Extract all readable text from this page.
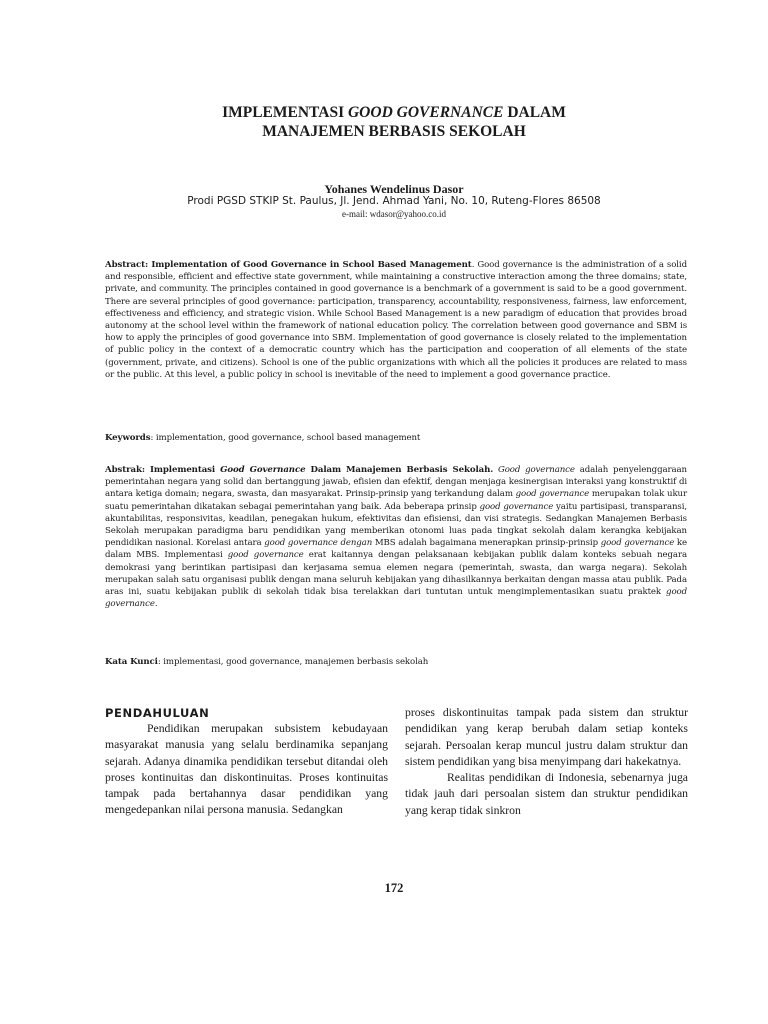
IMPLEMENTASI GOOD GOVERNANCE DALAM
MANAJEMEN BERBASIS SEKOLAH
Yohanes Wendelinus Dasor
Prodi PGSD STKIP St. Paulus, Jl. Jend. Ahmad Yani, No. 10, Ruteng-Flores 86508
e-mail: wdasor@yahoo.co.id
Abstract: Implementation of Good Governance in School Based Management. Good governance is the administration of a solid and responsible, efficient and effective state government, while maintaining a constructive interaction among the three domains; state, private, and community. The principles contained in good governance is a benchmark of a government is said to be a good government. There are several principles of good governance: participation, transparency, accountability, responsiveness, fairness, law enforcement, effectiveness and efficiency, and strategic vision. While School Based Management is a new paradigm of education that provides broad autonomy at the school level within the framework of national education policy. The correlation between good governance and SBM is how to apply the principles of good governance into SBM. Implementation of good governance is closely related to the implementation of public policy in the context of a democratic country which has the participation and cooperation of all elements of the state (government, private, and citizens). School is one of the public organizations with which all the policies it produces are related to mass or the public. At this level, a public policy in school is inevitable of the need to implement a good governance practice.
Keywords: implementation, good governance, school based management
Abstrak: Implementasi Good Governance Dalam Manajemen Berbasis Sekolah. Good governance adalah penyelenggaraan pemerintahan negara yang solid dan bertanggung jawab, efisien dan efektif, dengan menjaga kesinergisan interaksi yang konstruktif di antara ketiga domain; negara, swasta, dan masyarakat. Prinsip-prinsip yang terkandung dalam good governance merupakan tolak ukur suatu pemerintahan dikatakan sebagai pemerintahan yang baik. Ada beberapa prinsip good governance yaitu partisipasi, transparansi, akuntabilitas, responsivitas, keadilan, penegakan hukum, efektivitas dan efisiensi, dan visi strategis. Sedangkan Manajemen Berbasis Sekolah merupakan paradigma baru pendidikan yang memberikan otonomi luas pada tingkat sekolah dalam kerangka kebijakan pendidikan nasional. Korelasi antara good governance dengan MBS adalah bagaimana menerapkan prinsip-prinsip good governance ke dalam MBS. Implementasi good governance erat kaitannya dengan pelaksanaan kebijakan publik dalam konteks sebuah negara demokrasi yang berintikan partisipasi dan kerjasama semua elemen negara (pemerintah, swasta, dan warga negara). Sekolah merupakan salah satu organisasi publik dengan mana seluruh kebijakan yang dihasilkannya berkaitan dengan massa atau publik. Pada aras ini, suatu kebijakan publik di sekolah tidak bisa terelakkan dari tuntutan untuk mengimplementasikan suatu praktek good governance.
Kata Kunci: implementasi, good governance, manajemen berbasis sekolah

PENDAHULUAN

Pendidikan merupakan subsistem kebudayaan masyarakat manusia yang selalu berdinamika sepanjang sejarah. Adanya dinamika pendidikan tersebut ditandai oleh proses kontinuitas dan diskontinuitas. Proses kontinuitas tampak pada bertahannya dasar pendidikan yang mengedepankan nilai persona manusia. Sedangkan

proses diskontinuitas tampak pada sistem dan struktur pendidikan yang kerap berubah dalam setiap konteks sejarah. Persoalan kerap muncul justru dalam struktur dan sistem pendidikan yang bisa menyimpang dari hakekatnya.

Realitas pendidikan di Indonesia, sebenarnya juga tidak jauh dari persoalan sistem dan struktur pendidikan yang kerap tidak sinkron

172
